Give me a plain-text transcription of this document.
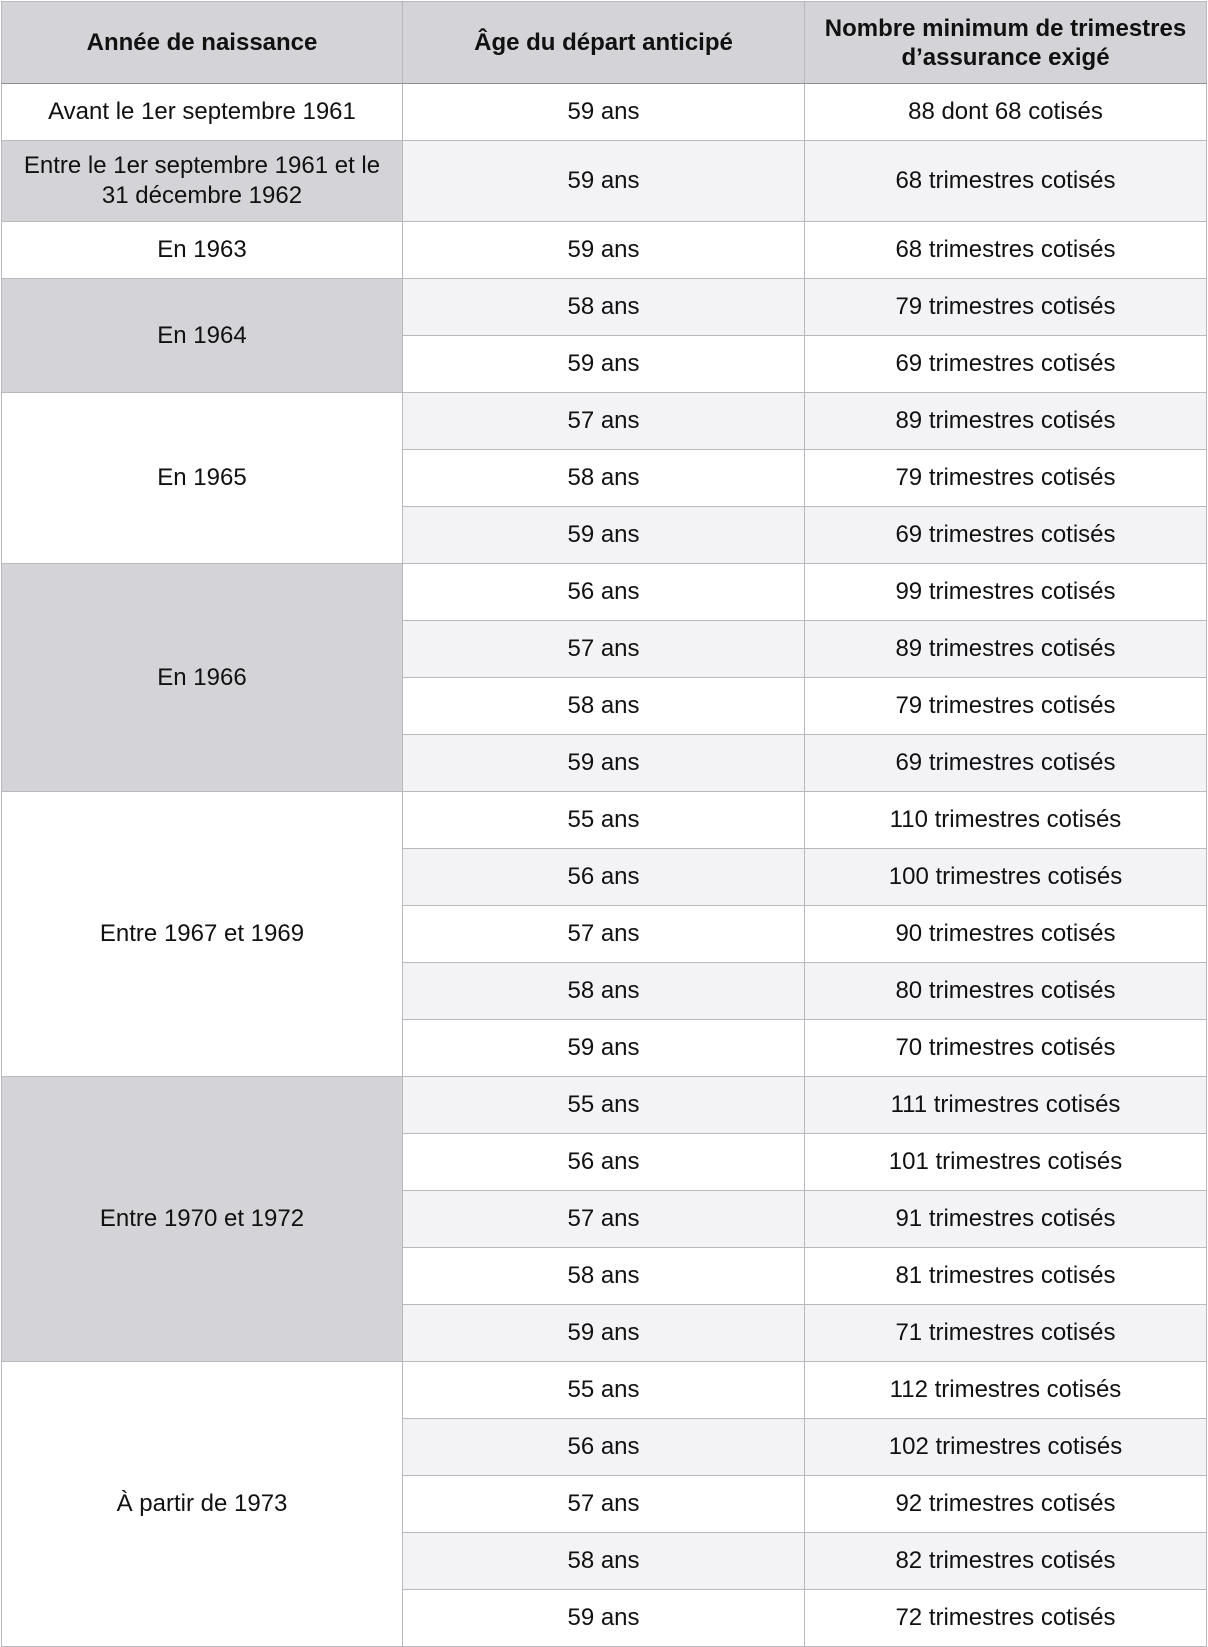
Année de naissance	Âge du départ anticipé	Nombre minimum de trimestres d’assurance exigé
Avant le 1er septembre 1961	59 ans	88 dont 68 cotisés
Entre le 1er septembre 1961 et le 31 décembre 1962	59 ans	68 trimestres cotisés
En 1963	59 ans	68 trimestres cotisés
En 1964	58 ans	79 trimestres cotisés
	59 ans	69 trimestres cotisés
En 1965	57 ans	89 trimestres cotisés
	58 ans	79 trimestres cotisés
	59 ans	69 trimestres cotisés
En 1966	56 ans	99 trimestres cotisés
	57 ans	89 trimestres cotisés
	58 ans	79 trimestres cotisés
	59 ans	69 trimestres cotisés
Entre 1967 et 1969	55 ans	110 trimestres cotisés
	56 ans	100 trimestres cotisés
	57 ans	90 trimestres cotisés
	58 ans	80 trimestres cotisés
	59 ans	70 trimestres cotisés
Entre 1970 et 1972	55 ans	111 trimestres cotisés
	56 ans	101 trimestres cotisés
	57 ans	91 trimestres cotisés
	58 ans	81 trimestres cotisés
	59 ans	71 trimestres cotisés
À partir de 1973	55 ans	112 trimestres cotisés
	56 ans	102 trimestres cotisés
	57 ans	92 trimestres cotisés
	58 ans	82 trimestres cotisés
	59 ans	72 trimestres cotisés
